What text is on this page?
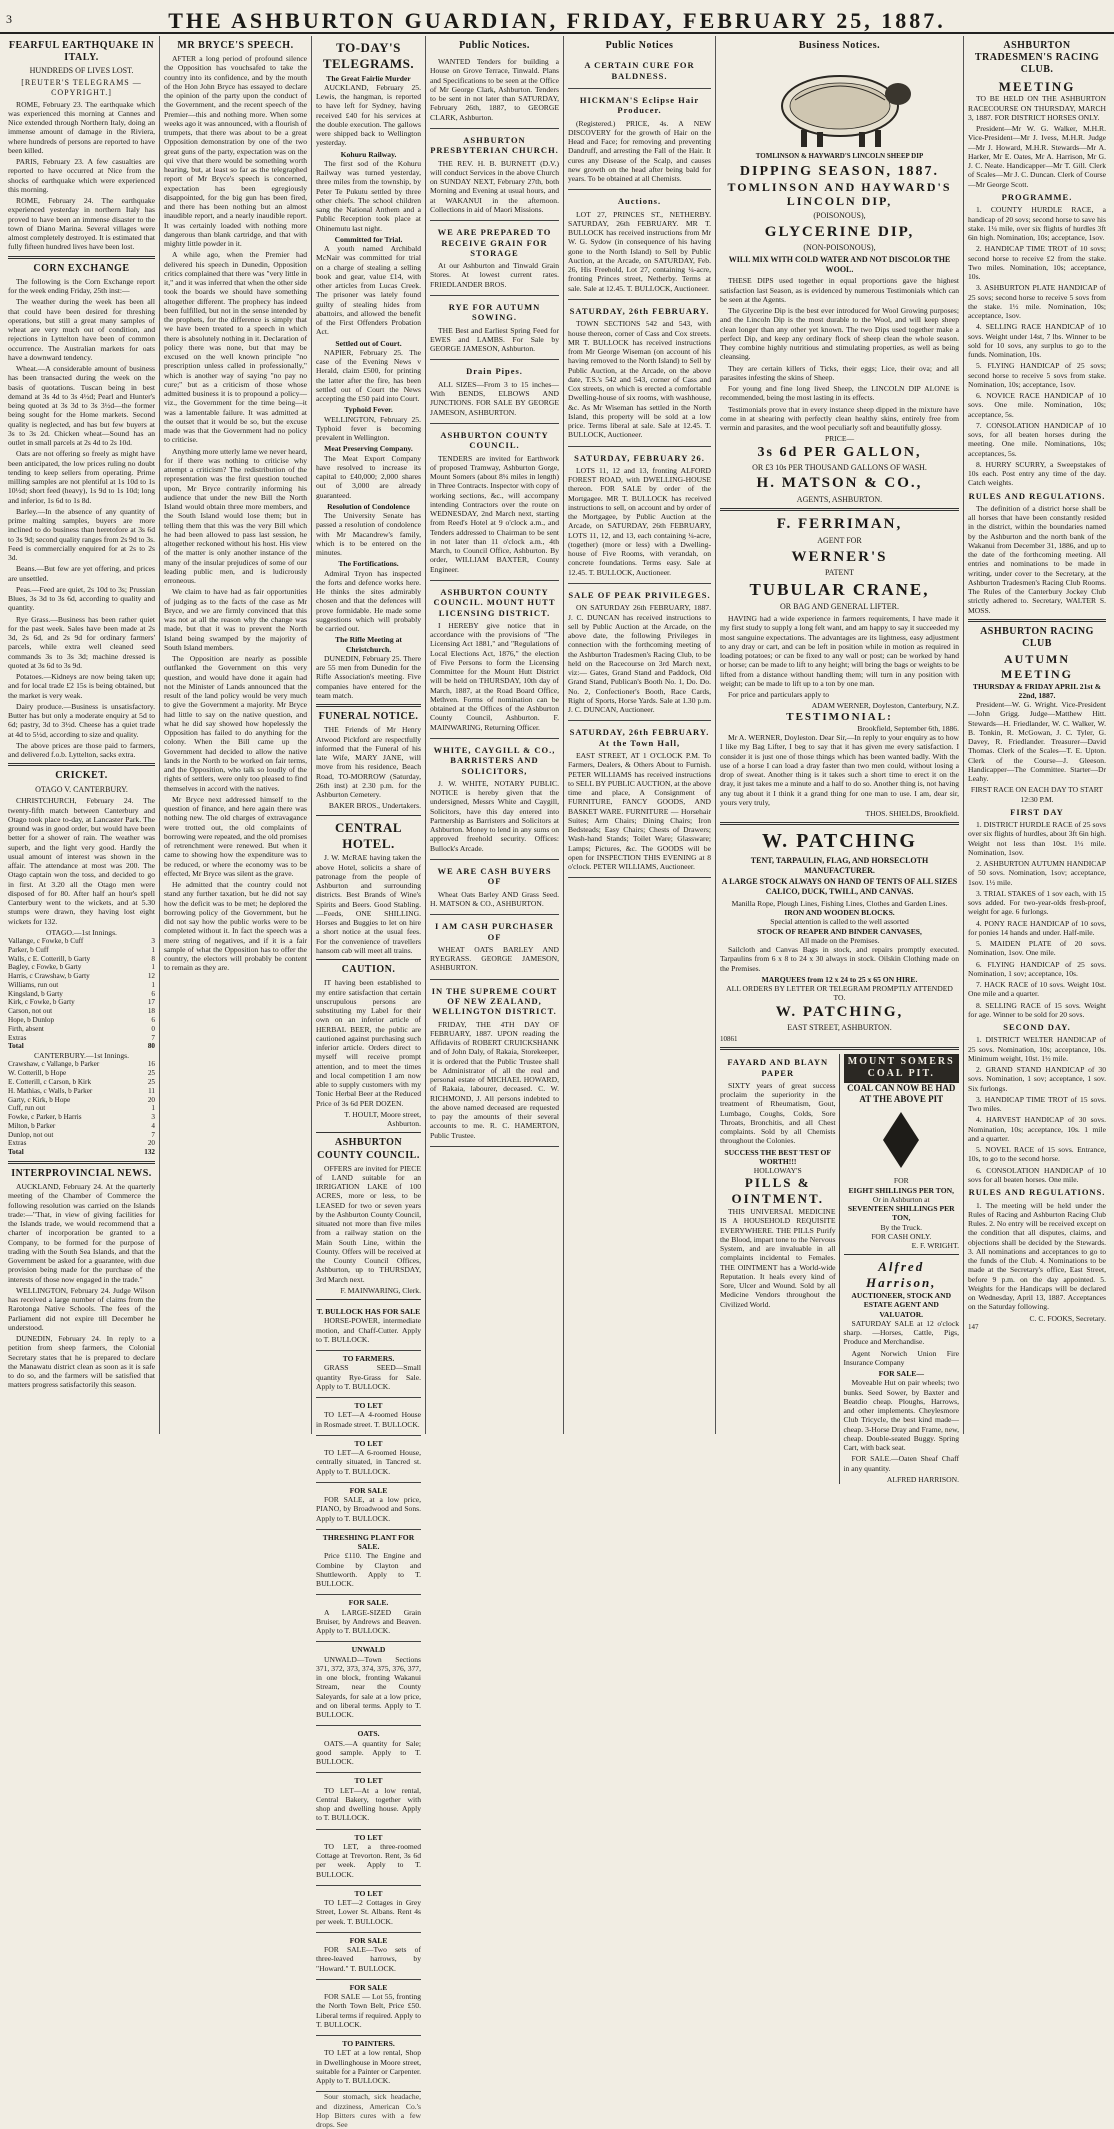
3	THE ASHBURTON GUARDIAN, FRIDAY, FEBRUARY 25, 1887.
FEARFUL EARTHQUAKE IN ITALY.
HUNDREDS OF LIVES LOST.
[REUTER'S TELEGRAMS — COPYRIGHT.]

ROME, February 23. The earthquake which was experienced this morning at Cannes and Nice extended through Northern Italy, doing an immense amount of damage in the Riviera, where hundreds of persons are reported to have been killed.

PARIS, February 23. A few casualties are reported to have occurred at Nice from the shocks of earthquake which were experienced this morning.

ROME, February 24. The earthquake experienced yesterday in northern Italy has proved to have been an immense disaster to the town of Diano Marina. Several villages were almost completely destroyed. It is estimated that fully fifteen hundred lives have been lost.

CORN EXCHANGE

The following is the Corn Exchange report for the week ending Friday, 25th inst:—

The weather during the week has been all that could have been desired for threshing operations, but still a great many samples of wheat are very much out of condition, and rejections in Lyttelton have been of common occurrence. The Australian markets for oats have a downward tendency.

Wheat.—A considerable amount of business has been transacted during the week on the basis of quotations. Tuscan being in best demand at 3s 4d to 3s 4½d; Pearl and Hunter's being quoted at 3s 3d to 3s 3½d—the former being sought for the Home markets. Second quality is neglected, and has but few buyers at 3s to 3s 2d. Chicken wheat—Sound has an outlet in small parcels at 2s 4d to 2s 10d.

Oats are not offering so freely as might have been anticipated, the low prices ruling no doubt tending to keep sellers from operating. Prime milling samples are not plentiful at 1s 10d to 1s 10½d; short feed (heavy), 1s 9d to 1s 10d; long and inferior, 1s 6d to 1s 8d.

Barley.—In the absence of any quantity of prime malting samples, buyers are more inclined to do business than heretofore at 3s 6d to 3s 9d; second quality ranges from 2s 9d to 3s. Feed is commercially enquired for at 2s to 2s 3d.

Beans.—But few are yet offering, and prices are unsettled.

Peas.—Feed are quiet, 2s 10d to 3s; Prussian Blues, 3s 3d to 3s 6d, according to quality and quantity.

Rye Grass.—Business has been rather quiet for the past week. Sales have been made at 2s 3d, 2s 6d, and 2s 9d for ordinary farmers' parcels, while extra well cleaned seed commands 3s to 3s 3d; machine dressed is quoted at 3s 6d to 3s 9d.

Potatoes.—Kidneys are now being taken up; and for local trade £2 15s is being obtained, but the market is very weak.

Dairy produce.—Business is unsatisfactory. Butter has but only a moderate enquiry at 5d to 6d; pastry, 3d to 3½d. Cheese has a quiet trade at 4d to 5½d, according to size and quality.

The above prices are those paid to farmers, and delivered f.o.b. Lyttelton, sacks extra.

CRICKET.
OTAGO V. CANTERBURY.

CHRISTCHURCH, February 24. The twenty-fifth match between Canterbury and Otago took place to-day, at Lancaster Park. The ground was in good order, but would have been better for a shower of rain. The weather was superb, and the light very good. Hardly the usual amount of interest was shown in the affair. The attendance at most was 200. The Otago captain won the toss, and decided to go in first. At 3.20 all the Otago men were disposed of for 80. After half an hour's spell Canterbury went to the wickets, and at 5.30 stumps were drawn, they having lost eight wickets for 132.

OTAGO.—1st Innings.
Vallange, c Fowke, b Cuff	3
Parker, b Cuff	1
Walls, c E. Cotterill, b Garty	8
Bagley, c Fowke, b Garty	1
Harris, c Crawshaw, b Garty	12
Williams, run out	1
Kingsland, b Garty	6
Kirk, c Fowke, b Garty	17
Carson, not out	18
Hope, b Dunlop	6
Firth, absent	0
Extras	7
Total	80
CANTERBURY.—1st Innings.
Crawshaw, c Vallange, b Parker	16
W. Cotterill, b Hope	25
E. Cotterill, c Carson, b Kirk	25
H. Mathias, c Walls, b Parker	11
Garty, c Kirk, b Hope	20
Cuff, run out	1
Fowke, c Parker, b Harris	3
Milton, b Parker	4
Dunlop, not out	7
Extras	20
Total	132
INTERPROVINCIAL NEWS.

AUCKLAND, February 24. At the quarterly meeting of the Chamber of Commerce the following resolution was carried on the Islands trade:—"That, in view of giving facilities for the Islands trade, we would recommend that a charter of incorporation be granted to a Company, to be formed for the purpose of trading with the South Sea Islands, and that the Government be asked for a guarantee, with due provision being made for the purchase of the interests of those now engaged in the trade."

WELLINGTON, February 24. Judge Wilson has received a large number of claims from the Rarotonga Native Schools. The fees of the Parliament did not expire till December he understood.

DUNEDIN, February 24. In reply to a petition from sheep farmers, the Colonial Secretary states that he is prepared to declare the Manawatu district clean as soon as it is safe to do so, and the farmers will be satisfied that matters progress satisfactorily this season.

MR BRYCE'S SPEECH.

AFTER a long period of profound silence the Opposition has vouchsafed to take the country into its confidence, and by the mouth of the Hon John Bryce has essayed to declare the opinion of the party upon the conduct of the Government, and the recent speech of the Premier—this and nothing more. When some weeks ago it was announced, with a flourish of trumpets, that there was about to be a great Opposition demonstration by one of the two great guns of the party, expectation was on the qui vive that there would be something worth hearing, but, at least so far as the telegraphed report of Mr Bryce's speech is concerned, expectation has been egregiously disappointed, for the big gun has been fired, and there has been nothing but an almost inaudible report, and a nearly inaudible report. It was certainly loaded with nothing more dangerous than blank cartridge, and that with mighty little powder in it.

A while ago, when the Premier had delivered his speech in Dunedin, Opposition critics complained that there was "very little in it," and it was inferred that when the other side took the boards we should have something altogether different. The prophecy has indeed been fulfilled, but not in the sense intended by the prophets, for the difference is simply that we have been treated to a speech in which there is absolutely nothing in it. Declaration of policy there was none, but that may be excused on the well known principle "no prescription unless called in professionally," which is another way of saying "no pay no cure;" but as a criticism of those whose admitted business it is to propound a policy—viz., the Government for the time being—it was a lamentable failure. It was admitted at the outset that it would be so, but the excuse made was that the Government had no policy to criticise.

Anything more utterly lame we never heard, for if there was nothing to criticise why attempt a criticism? The redistribution of the representation was the first question touched upon, Mr Bryce contrarily informing his audience that under the new Bill the North Island would obtain three more members, and the South Island would lose them; but in telling them that this was the very Bill which he had been allowed to pass last session, he altogether reckoned without his host. His view of the matter is only another instance of the many of the insular prejudices of some of our leading public men, and is ludicrously erroneous.

We claim to have had as fair opportunities of judging as to the facts of the case as Mr Bryce, and we are firmly convinced that this was not at all the reason why the change was made, but that it was to prevent the North Island being swamped by the majority of South Island members.

The Opposition are nearly as possible outflanked the Government on this very question, and would have done it again had not the Minister of Lands announced that the result of the land policy would be very much to give the Government a majority. Mr Bryce had little to say on the native question, and what he did say showed how hopelessly the Opposition has failed to do anything for the colony. When the Bill came up the Government had decided to allow the native lands in the North to be worked on fair terms, and the Opposition, who talk so loudly of the rights of settlers, were only too pleased to find themselves in accord with the natives.

Mr Bryce next addressed himself to the question of finance, and here again there was nothing new. The old charges of extravagance were trotted out, the old complaints of borrowing were repeated, and the old promises of retrenchment were renewed. But when it came to showing how the expenditure was to be reduced, or where the economy was to be effected, Mr Bryce was silent as the grave.

He admitted that the country could not stand any further taxation, but he did not say how the deficit was to be met; he deplored the borrowing policy of the Government, but he did not say how the public works were to be completed without it. In fact the speech was a mere string of negatives, and if it is a fair sample of what the Opposition has to offer the country, the electors will probably be content to remain as they are.

TO-DAY'S TELEGRAMS.
The Great Fairlie Murder

AUCKLAND, February 25. Lewis, the hangman, is reported to have left for Sydney, having received £40 for his services at the double execution. The gallows were shipped back to Wellington yesterday.

Kohuru Railway.

The first sod of the Kohuru Railway was turned yesterday, three miles from the township, by Peter Te Pukutu settled by three other chiefs. The school children sang the National Anthem and a Public Reception took place at Ohinemutu last night.

Committed for Trial.

A youth named Archibald McNair was committed for trial on a charge of stealing a selling book and gear, value £14, with other articles from Lucas Creek. The prisoner was lately found guilty of stealing hides from abattoirs, and allowed the benefit of the First Offenders Probation Act.

Settled out of Court.

NAPIER, February 25. The case of the Evening News v Herald, claim £500, for printing the latter after the fire, has been settled out of Court the News accepting the £50 paid into Court.

Typhoid Fever.

WELLINGTON, February 25. Typhoid fever is becoming prevalent in Wellington.

Meat Preserving Company.

The Meat Export Company have resolved to increase its capital to £40,000; 2,000 shares out of 3,000 are already guaranteed.

Resolution of Condolence

The University Senate has passed a resolution of condolence with Mr Macandrew's family, which is to be entered on the minutes.

The Fortifications.

Admiral Tryon has inspected the forts and defence works here. He thinks the sites admirably chosen and that the defences will prove formidable. He made some suggestions which will probably be carried out.

The Rifle Meeting at Christchurch.

DUNEDIN, February 25. There are 55 men from Dunedin for the Rifle Association's meeting. Five companies have entered for the team match.

FUNERAL NOTICE.

THE Friends of Mr Henry Atwood Pickford are respectfully informed that the Funeral of his late Wife, MARY JANE, will move from his residence, Beach Road, TO-MORROW (Saturday, 26th inst) at 2.30 p.m. for the Ashburton Cemetery.

BAKER BROS., Undertakers.
CENTRAL HOTEL.

J. W. McRAE having taken the above Hotel, solicits a share of patronage from the people of Ashburton and surrounding districts. Best Brands of Wine's Spirits and Beers. Good Stabling.—Feeds, ONE SHILLING. Horses and Buggies to let on hire a short notice at the usual fees. For the convenience of travellers hansom cab will meet all trains.

CAUTION.

IT having been established to my entire satisfaction that certain unscrupulous persons are substituting my Label for their own on an inferior article of HERBAL BEER, the public are cautioned against purchasing such inferior article. Orders direct to myself will receive prompt attention, and to meet the times and local competition I am now able to supply customers with my Tonic Herbal Beer at the Reduced Price of 3s 6d PER DOZEN.

T. HOULT, Moore street, Ashburton.
ASHBURTON COUNTY COUNCIL.

OFFERS are invited for PIECE of LAND suitable for an IRRIGATION LAKE of 100 ACRES, more or less, to be LEASED for two or seven years by the Ashburton County Council, situated not more than five miles from a railway station on the Main South Line, within the County. Offers will be received at the County Council Offices, Ashburton, up to THURSDAY, 3rd March next.

F. MAINWARING, Clerk.
T. BULLOCK HAS FOR SALE

HORSE-POWER, intermediate motion, and Chaff-Cutter. Apply to T. BULLOCK.

TO FARMERS.

GRASS SEED—Small quantity Rye-Grass for Sale. Apply to T. BULLOCK.

TO LET

TO LET—A 4-roomed House in Rosmade street. T. BULLOCK.

TO LET

TO LET—A 6-roomed House, centrally situated, in Tancred st. Apply to T. BULLOCK.

FOR SALE

FOR SALE, at a low price, PIANO, by Broadwood and Sons. Apply to T. BULLOCK.

THRESHING PLANT FOR SALE.

Price £110. The Engine and Combine by Clayton and Shuttleworth. Apply to T. BULLOCK.

FOR SALE.

A LARGE-SIZED Grain Bruiser, by Andrews and Beaven. Apply to T. BULLOCK.

UNWALD

UNWALD—Town Sections 371, 372, 373, 374, 375, 376, 377, in one block, fronting Wakanui Stream, near the County Saleyards, for sale at a low price, and on liberal terms. Apply to T. BULLOCK.

OATS.

OATS.—A quantity for Sale; good sample. Apply to T. BULLOCK.

TO LET

TO LET—At a low rental, Central Bakery, together with shop and dwelling house. Apply to T. BULLOCK.

TO LET

TO LET, a three-roomed Cottage at Trevorton. Rent, 3s 6d per week. Apply to T. BULLOCK.

TO LET

TO LET—2 Cottages in Grey Street, Lower St. Albans. Rent 4s per week. T. BULLOCK.

FOR SALE

FOR SALE—Two sets of three-leaved harrows, by "Howard." T. BULLOCK.

FOR SALE

FOR SALE — Lot 55, fronting the North Town Belt, Price £50. Liberal terms if required. Apply to T. BULLOCK.

TO PAINTERS.

TO LET at a low rental, Shop in Dwellinghouse in Moore street, suitable for a Painter or Carpenter. Apply to T. BULLOCK.

Sour stomach, sick headache, and dizziness, American Co.'s Hop Bitters cures with a few drops. See

Public Notices.

WANTED Tenders for building a House on Grove Terrace, Tinwald. Plans and Specifications to be seen at the Office of Mr George Clark, Ashburton. Tenders to be sent in not later than SATURDAY, February 26th, 1887, to GEORGE CLARK, Ashburton.

ASHBURTON PRESBYTERIAN CHURCH.

THE REV. H. B. BURNETT (D.V.) will conduct Services in the above Church on SUNDAY NEXT, February 27th, both Morning and Evening at usual hours, and at WAKANUI in the afternoon. Collections in aid of Maori Missions.

WE ARE PREPARED TO RECEIVE GRAIN FOR STORAGE

At our Ashburton and Tinwald Grain Stores. At lowest current rates. FRIEDLANDER BROS.

RYE FOR AUTUMN SOWING.

THE Best and Earliest Spring Feed for EWES and LAMBS. For Sale by GEORGE JAMESON, Ashburton.

Drain Pipes.

ALL SIZES—From 3 to 15 inches—With BENDS, ELBOWS AND JUNCTIONS. FOR SALE BY GEORGE JAMESON, ASHBURTON.

ASHBURTON COUNTY COUNCIL.

TENDERS are invited for Earthwork of proposed Tramway, Ashburton Gorge, Mount Somers (about 8¼ miles in length) in Three Contracts. Inspector with copy of working sections, &c., will accompany intending Contractors over the route on WEDNESDAY, 2nd March next, starting from Reed's Hotel at 9 o'clock a.m., and Tenders addressed to Chairman to be sent in not later than 11 o'clock a.m., 4th March, to Council Office, Ashburton. By order, WILLIAM BAXTER, County Engineer.

ASHBURTON COUNTY COUNCIL. MOUNT HUTT LICENSING DISTRICT.

I HEREBY give notice that in accordance with the provisions of "The Licensing Act 1881," and "Regulations of Local Elections Act, 1876," the election of Five Persons to form the Licensing Committee for the Mount Hutt District will be held on THURSDAY, 10th day of March, 1887, at the Road Board Office, Methven. Forms of nomination can be obtained at the Offices of the Ashburton County Council, Ashburton. F. MAINWARING, Returning Officer.

WHITE, CAYGILL & CO., BARRISTERS AND SOLICITORS,

J. W. WHITE, NOTARY PUBLIC. NOTICE is hereby given that the undersigned, Messrs White and Caygill, Solicitors, have this day entered into Partnership as Barristers and Solicitors at Ashburton. Money to lend in any sums on approved freehold security. Offices: Bullock's Arcade.

WE ARE CASH BUYERS OF

Wheat Oats Barley AND Grass Seed. H. MATSON & CO., ASHBURTON.

I AM CASH PURCHASER OF

WHEAT OATS BARLEY AND RYEGRASS. GEORGE JAMESON, ASHBURTON.

IN THE SUPREME COURT OF NEW ZEALAND, WELLINGTON DISTRICT.

FRIDAY, THE 4TH DAY OF FEBRUARY, 1887. UPON reading the Affidavits of ROBERT CRUICKSHANK and of John Daly, of Rakaia, Storekeeper, it is ordered that the Public Trustee shall be Administrator of all the real and personal estate of MICHAEL HOWARD, of Rakaia, labourer, deceased. C. W. RICHMOND, J. All persons indebted to the above named deceased are requested to pay the amounts of their several accounts to me. R. C. HAMERTON, Public Trustee.

Public Notices
A CERTAIN CURE FOR BALDNESS.
HICKMAN'S Eclipse Hair Producer.

(Registered.) PRICE, 4s. A NEW DISCOVERY for the growth of Hair on the Head and Face; for removing and preventing Dandruff, and arresting the Fall of the Hair. It cures any Disease of the Scalp, and causes new growth on the head after being bald for years. To be obtained at all Chemists.

Auctions.

LOT 27, PRINCES ST., NETHERBY. SATURDAY, 26th FEBRUARY. MR T. BULLOCK has received instructions from Mr W. G. Sydow (in consequence of his having gone to the North Island) to Sell by Public Auction, at the Arcade, on SATURDAY, Feb. 26, His Freehold, Lot 27, containing ¼-acre, fronting Princes street, Netherby. Terms at sale. Sale at 12.45. T. BULLOCK, Auctioneer.

SATURDAY, 26th FEBRUARY.

TOWN SECTIONS 542 and 543, with house thereon, corner of Cass and Cox streets. MR T. BULLOCK has received instructions from Mr George Wiseman (on account of his having removed to the North Island) to Sell by Public Auction, at the Arcade, on the above date, T.S.'s 542 and 543, corner of Cass and Cox streets, on which is erected a comfortable Dwelling-house of six rooms, with washhouse, &c. As Mr Wiseman has settled in the North Island, this property will be sold at a low price. Terms liberal at sale. Sale at 12.45. T. BULLOCK, Auctioneer.

SATURDAY, FEBRUARY 26.

LOTS 11, 12 and 13, fronting ALFORD FOREST ROAD, with DWELLING-HOUSE thereon. FOR SALE by order of the Mortgagee. MR T. BULLOCK has received instructions to sell, on account and by order of the Mortgagee, by Public Auction at the Arcade, on SATURDAY, 26th FEBRUARY, LOTS 11, 12, and 13, each containing ¼-acre, (together) (more or less) with a Dwelling-house of Five Rooms, with verandah, on concrete foundations. Terms easy. Sale at 12.45. T. BULLOCK, Auctioneer.

SALE OF PEAK PRIVILEGES.

ON SATURDAY 26th FEBRUARY, 1887. J. C. DUNCAN has received instructions to sell by Public Auction at the Arcade, on the above date, the following Privileges in connection with the forthcoming meeting of the Ashburton Tradesmen's Racing Club, to be held on the Racecourse on 3rd March next, viz:— Gates, Grand Stand and Paddock, Old Grand Stand, Publican's Booth No. 1, Do. Do. No. 2, Confectioner's Booth, Race Cards, Right of Sports, Horse Yards. Sale at 1.30 p.m. J. C. DUNCAN, Auctioneer.

SATURDAY, 26th FEBRUARY. At the Town Hall,

EAST STREET, AT 1 O'CLOCK P.M. To Farmers, Dealers, & Others About to Furnish. PETER WILLIAMS has received instructions to SELL BY PUBLIC AUCTION, at the above time and place, A Consignment of FURNITURE, FANCY GOODS, AND BASKET WARE. FURNITURE — Horsehair Suites; Arm Chairs; Dining Chairs; Iron Bedsteads; Easy Chairs; Chests of Drawers; Wash-hand Stands; Toilet Ware; Glassware; Lamps; Pictures, &c. The GOODS will be open for INSPECTION THIS EVENING at 8 o'clock. PETER WILLIAMS, Auctioneer.

Business Notices.
TOMLINSON & HAYWARD'S LINCOLN SHEEP DIP
DIPPING SEASON, 1887.
TOMLINSON AND HAYWARD'S
LINCOLN DIP,
(POISONOUS),
GLYCERINE DIP,
(NON-POISONOUS),
WILL MIX WITH COLD WATER AND NOT DISCOLOR THE WOOL.

THESE DIPS used together in equal proportions gave the highest satisfaction last Season, as is evidenced by numerous Testimonials which can be seen at the Agents.

The Glycerine Dip is the best ever introduced for Wool Growing purposes; and the Lincoln Dip is the most durable to the Wool, and will keep sheep clean longer than any other yet known. The two Dips used together make a perfect Dip, and keep any ordinary flock of sheep clean the whole season. They combine highly nutritious and stimulating properties, as well as being cleansing.

They are certain killers of Ticks, their eggs; Lice, their ova; and all parasites infesting the skins of Sheep.

For young and fine long lived Sheep, the LINCOLN DIP ALONE is recommended, being the most lasting in its effects.

Testimonials prove that in every instance sheep dipped in the mixture have come in at shearing with perfectly clean healthy skins, entirely free from vermin and parasites, and the wool peculiarly soft and beautifully glossy.

PRICE—
3s 6d PER GALLON,
OR £3 10s PER THOUSAND GALLONS OF WASH.
H. MATSON & CO.,
AGENTS, ASHBURTON.
F. FERRIMAN,
AGENT FOR
WERNER'S
PATENT
TUBULAR CRANE,
OR BAG AND GENERAL LIFTER.

HAVING had a wide experience in farmers requirements, I have made it my first study to supply a long felt want, and am happy to say it succeeded my most sanguine expectations. The advantages are its lightness, easy adjustment to any dray or cart, and can be left in position while in motion as required in loading potatoes; or can be fixed to any wall or post; can be worked by hand or horse; can be made to lift to any height; will bring the bags or weights to be lifted from a distance without handling them; will turn in any position with weight; can be made to lift up to a ton by one man.

For price and particulars apply to

ADAM WERNER, Doyleston, Canterbury, N.Z.
TESTIMONIAL:
Brookfield, September 6th, 1886.

Mr A. WERNER, Doyleston. Dear Sir,—In reply to your enquiry as to how I like my Bag Lifter, I beg to say that it has given me every satisfaction. I consider it is just one of those things which has been wanted badly. With the use of a horse I can load a dray faster than two men could, without losing a drop of sweat. Another thing is it takes such a short time to erect it on the dray, it just takes me a minute and a half to do so. Another thing is, not having any tug about it I think it a grand thing for one man to use. I am, dear sir, yours very truly,

THOS. SHIELDS, Brookfield.
W. PATCHING
TENT, TARPAULIN, FLAG, AND HORSECLOTH MANUFACTURER.
A LARGE STOCK ALWAYS ON HAND OF TENTS OF ALL SIZES CALICO, DUCK, TWILL, AND CANVAS.
Manilla Rope, Plough Lines, Fishing Lines, Clothes and Garden Lines.
IRON AND WOODEN BLOCKS.
Special attention is called to the well assorted
STOCK OF REAPER AND BINDER CANVASES,
All made on the Premises.

Sailcloth and Canvas Bags in stock, and repairs promptly executed. Tarpaulins from 6 x 8 to 24 x 30 always in stock. Oilskin Clothing made on the Premises.

MARQUEES from 12 x 24 to 25 x 65 ON HIRE.
ALL ORDERS BY LETTER OR TELEGRAM PROMPTLY ATTENDED TO.
W. PATCHING,
EAST STREET, ASHBURTON.
10861
FAYARD AND BLAYN PAPER

SIXTY years of great success proclaim the superiority in the treatment of Rheumatism, Gout, Lumbago, Coughs, Colds, Sore Throats, Bronchitis, and all Chest complaints. Sold by all Chemists throughout the Colonies.

SUCCESS THE BEST TEST OF WORTH!!!
HOLLOWAY'S
PILLS & OINTMENT.

THIS UNIVERSAL MEDICINE IS A HOUSEHOLD REQUISITE EVERYWHERE. THE PILLS Purify the Blood, impart tone to the Nervous System, and are invaluable in all complaints incidental to Females. THE OINTMENT has a World-wide Reputation. It heals every kind of Sore, Ulcer and Wound. Sold by all Medicine Vendors throughout the Civilized World.

MOUNT SOMERS COAL PIT.
COAL CAN NOW BE HAD AT THE ABOVE PIT
FOR
EIGHT SHILLINGS PER TON,
Or in Ashburton at
SEVENTEEN SHILLINGS PER TON,
By the Truck.
FOR CASH ONLY.
E. F. WRIGHT.
Alfred Harrison,
AUCTIONEER, STOCK AND ESTATE AGENT AND VALUATOR.

SATURDAY SALE at 12 o'clock sharp. —Horses, Cattle, Pigs, Produce and Merchandise.

Agent Norwich Union Fire Insurance Company

FOR SALE—

Moveable Hut on pair wheels; two bunks. Seed Sower, by Baxter and Beatdio cheap. Ploughs, Harrows, and other implements. Cheylesmore Club Tricycle, the best kind made—cheap. 3-Horse Dray and Frame, new, cheap. Double-seated Buggy. Spring Cart, with back seat.

FOR SALE.—Oaten Sheaf Chaff in any quantity.

ALFRED HARRISON.
ASHBURTON TRADESMEN'S RACING CLUB.
MEETING

TO BE HELD ON THE ASHBURTON RACECOURSE ON THURSDAY, MARCH 3, 1887. FOR DISTRICT HORSES ONLY.

President—Mr W. G. Walker, M.H.R. Vice-President—Mr J. Ivess, M.H.R. Judge—Mr J. Howard, M.H.R. Stewards—Mr A. Harker, Mr E. Oates, Mr A. Harrison, Mr G. J. C. Neate. Handicapper—Mr T. Gill. Clerk of Scales—Mr J. C. Duncan. Clerk of Course—Mr George Scott.

PROGRAMME.

1. COUNTY HURDLE RACE, a handicap of 20 sovs; second horse to save his stake. 1¼ mile, over six flights of hurdles 3ft 6in high. Nomination, 10s; acceptance, 1sov.

2. HANDICAP TIME TROT of 10 sovs; second horse to receive £2 from the stake. Two miles. Nomination, 10s; acceptance, 10s.

3. ASHBURTON PLATE HANDICAP of 25 sovs; second horse to receive 5 sovs from the stake. 1½ mile. Nomination, 10s; acceptance, 1sov.

4. SELLING RACE HANDICAP of 10 sovs. Weight under 14st, 7 lbs. Winner to be sold for 10 sovs, any surplus to go to the funds. Nomination, 10s.

5. FLYING HANDICAP of 25 sovs; second horse to receive 5 sovs from stake. Nomination, 10s; acceptance, 1sov.

6. NOVICE RACE HANDICAP of 10 sovs. One mile. Nomination, 10s; acceptance, 5s.

7. CONSOLATION HANDICAP of 10 sovs, for all beaten horses during the meeting. One mile. Nominations, 10s; acceptances, 5s.

8. HURRY SCURRY, a Sweepstakes of 10s each. Post entry any time of the day. Catch weights.

RULES AND REGULATIONS.

The definition of a district horse shall be all horses that have been constantly resided in the district, within the boundaries named by the Ashburton and the north bank of the Wakanui from December 31, 1886, and up to the date of the forthcoming meeting. All entries and nominations to be made in writing, under cover to the Secretary, at the Ashburton Tradesmen's Racing Club Rooms. The Rules of the Canterbury Jockey Club strictly adhered to. Secretary, WALTER S. MOSS.

ASHBURTON RACING CLUB
AUTUMN MEETING
THURSDAY & FRIDAY APRIL 21st & 22nd, 1887.

President—W. G. Wright. Vice-President—John Grigg. Judge—Matthew Hitt. Stewards—H. Friedlander, W. C. Walker, W. B. Tonkin, R. McGowan, J. C. Tyler, G. Davey, R. Friedlander. Treasurer—David Thomas. Clerk of the Scales—T. E. Upton. Clerk of the Course—J. Gleeson. Handicapper—The Committee. Starter—Dr Leahy.

FIRST RACE ON EACH DAY TO START 12:30 P.M.
FIRST DAY

1. DISTRICT HURDLE RACE of 25 sovs over six flights of hurdles, about 3ft 6in high. Weight not less than 10st. 1½ mile. Nomination, 1sov.

2. ASHBURTON AUTUMN HANDICAP of 50 sovs. Nomination, 1sov; acceptance, 1sov. 1½ mile.

3. TRIAL STAKES of 1 sov each, with 15 sovs added. For two-year-olds fresh-proof, weight for age. 6 furlongs.

4. PONY RACE HANDICAP of 10 sovs, for ponies 14 hands and under. Half-mile.

5. MAIDEN PLATE of 20 sovs. Nomination, 1sov. One mile.

6. FLYING HANDICAP of 25 sovs. Nomination, 1 sov; acceptance, 10s.

7. HACK RACE of 10 sovs. Weight 10st. One mile and a quarter.

8. SELLING RACE of 15 sovs. Weight for age. Winner to be sold for 20 sovs.

SECOND DAY.

1. DISTRICT WELTER HANDICAP of 25 sovs. Nomination, 10s; acceptance, 10s. Minimum weight, 10st. 1½ mile.

2. GRAND STAND HANDICAP of 30 sovs. Nomination, 1 sov; acceptance, 1 sov. Six furlongs.

3. HANDICAP TIME TROT of 15 sovs. Two miles.

4. HARVEST HANDICAP of 30 sovs. Nomination, 10s; acceptance, 10s. 1 mile and a quarter.

5. NOVEL RACE of 15 sovs. Entrance, 10s, to go to the second horse.

6. CONSOLATION HANDICAP of 10 sovs for all beaten horses. One mile.

RULES AND REGULATIONS.

1. The meeting will be held under the Rules of Racing and Ashburton Racing Club Rules. 2. No entry will be received except on the condition that all disputes, claims, and objections shall be decided by the Stewards. 3. All nominations and acceptances to go to the funds of the Club. 4. Nominations to be made at the Secretary's office, East Street, before 9 p.m. on the day appointed. 5. Weights for the Handicaps will be declared on Wednesday, April 13, 1887. Acceptances on the Saturday following.

C. C. FOOKS, Secretary.
147
